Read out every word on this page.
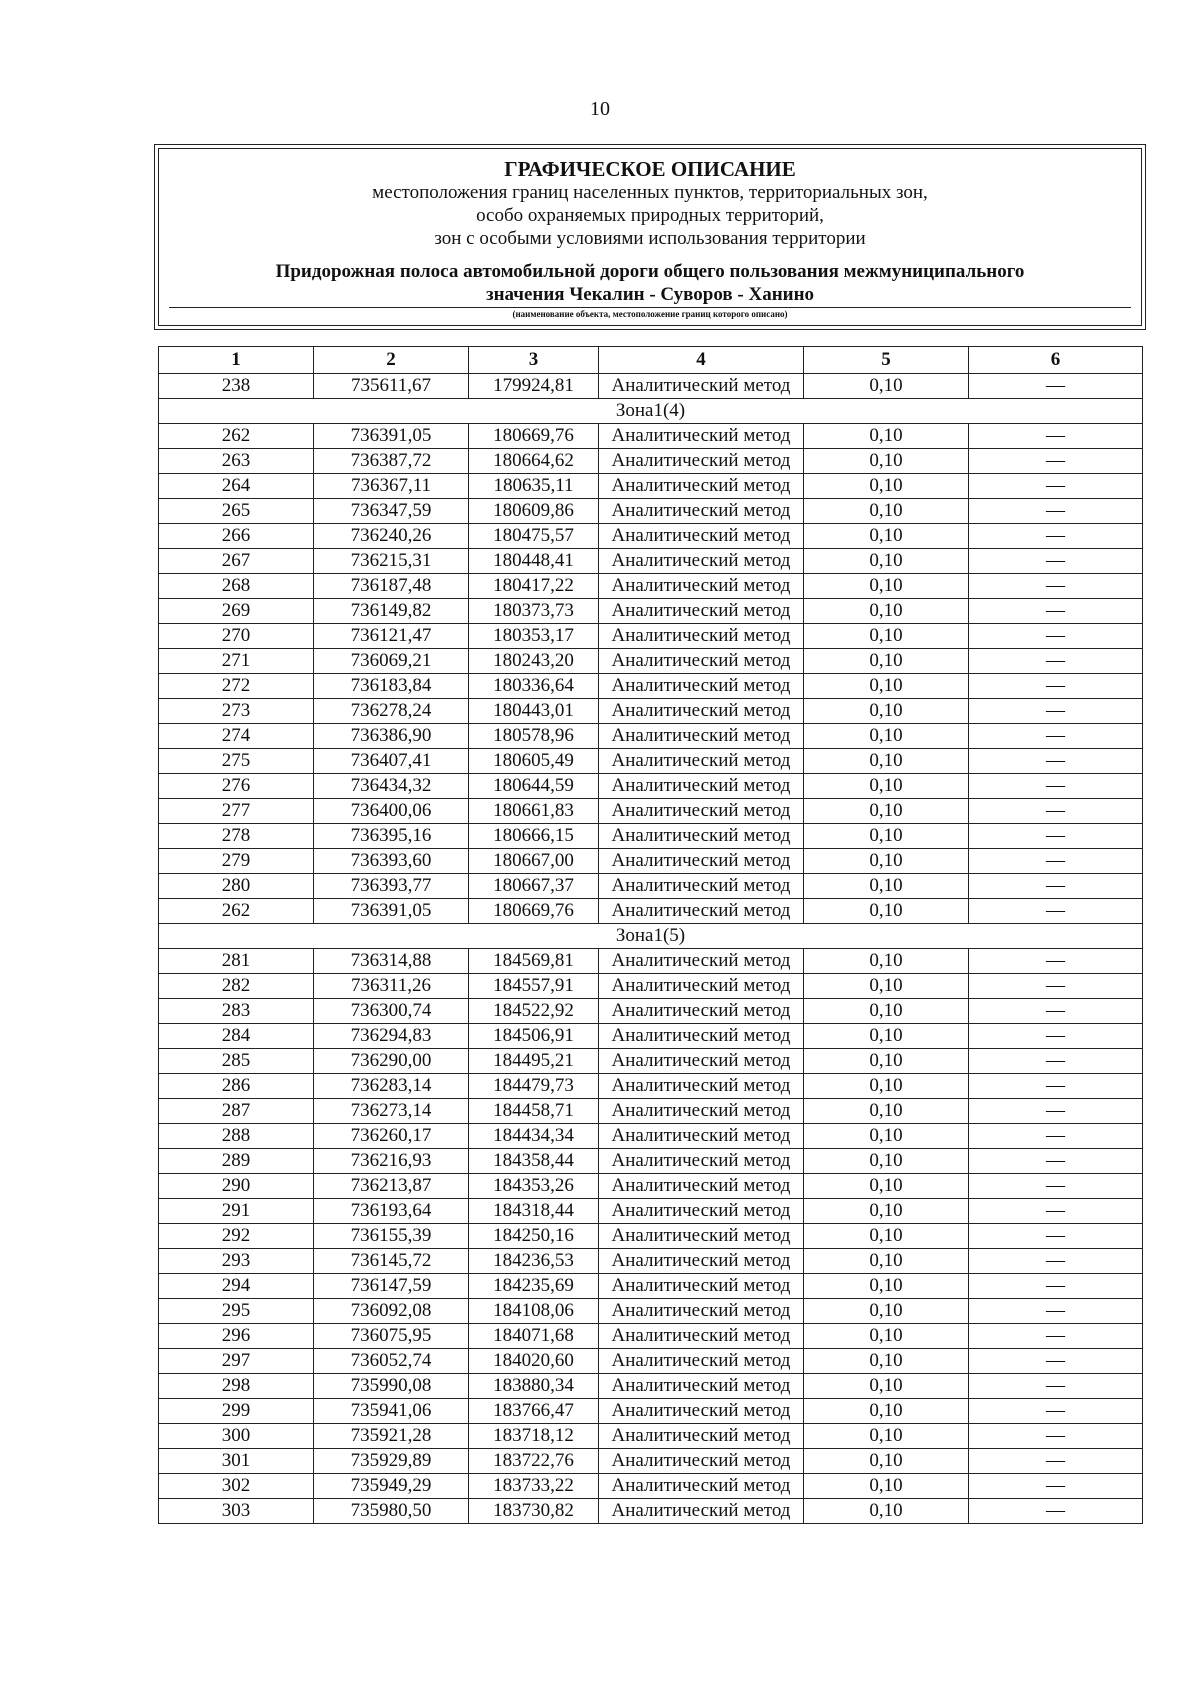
10
ГРАФИЧЕСКОЕ ОПИСАНИЕ
местоположения границ населенных пунктов, территориальных зон,
особо охраняемых природных территорий,
зон с особыми условиями использования территории
Придорожная полоса автомобильной дороги общего пользования межмуниципального
значения Чекалин - Суворов - Ханино
(наименование объекта, местоположение границ которого описано)
1	2	3	4	5	6
238	735611,67	179924,81	Аналитический метод	0,10	—
Зона1(4)					
262	736391,05	180669,76	Аналитический метод	0,10	—
263	736387,72	180664,62	Аналитический метод	0,10	—
264	736367,11	180635,11	Аналитический метод	0,10	—
265	736347,59	180609,86	Аналитический метод	0,10	—
266	736240,26	180475,57	Аналитический метод	0,10	—
267	736215,31	180448,41	Аналитический метод	0,10	—
268	736187,48	180417,22	Аналитический метод	0,10	—
269	736149,82	180373,73	Аналитический метод	0,10	—
270	736121,47	180353,17	Аналитический метод	0,10	—
271	736069,21	180243,20	Аналитический метод	0,10	—
272	736183,84	180336,64	Аналитический метод	0,10	—
273	736278,24	180443,01	Аналитический метод	0,10	—
274	736386,90	180578,96	Аналитический метод	0,10	—
275	736407,41	180605,49	Аналитический метод	0,10	—
276	736434,32	180644,59	Аналитический метод	0,10	—
277	736400,06	180661,83	Аналитический метод	0,10	—
278	736395,16	180666,15	Аналитический метод	0,10	—
279	736393,60	180667,00	Аналитический метод	0,10	—
280	736393,77	180667,37	Аналитический метод	0,10	—
262	736391,05	180669,76	Аналитический метод	0,10	—
Зона1(5)					
281	736314,88	184569,81	Аналитический метод	0,10	—
282	736311,26	184557,91	Аналитический метод	0,10	—
283	736300,74	184522,92	Аналитический метод	0,10	—
284	736294,83	184506,91	Аналитический метод	0,10	—
285	736290,00	184495,21	Аналитический метод	0,10	—
286	736283,14	184479,73	Аналитический метод	0,10	—
287	736273,14	184458,71	Аналитический метод	0,10	—
288	736260,17	184434,34	Аналитический метод	0,10	—
289	736216,93	184358,44	Аналитический метод	0,10	—
290	736213,87	184353,26	Аналитический метод	0,10	—
291	736193,64	184318,44	Аналитический метод	0,10	—
292	736155,39	184250,16	Аналитический метод	0,10	—
293	736145,72	184236,53	Аналитический метод	0,10	—
294	736147,59	184235,69	Аналитический метод	0,10	—
295	736092,08	184108,06	Аналитический метод	0,10	—
296	736075,95	184071,68	Аналитический метод	0,10	—
297	736052,74	184020,60	Аналитический метод	0,10	—
298	735990,08	183880,34	Аналитический метод	0,10	—
299	735941,06	183766,47	Аналитический метод	0,10	—
300	735921,28	183718,12	Аналитический метод	0,10	—
301	735929,89	183722,76	Аналитический метод	0,10	—
302	735949,29	183733,22	Аналитический метод	0,10	—
303	735980,50	183730,82	Аналитический метод	0,10	—
